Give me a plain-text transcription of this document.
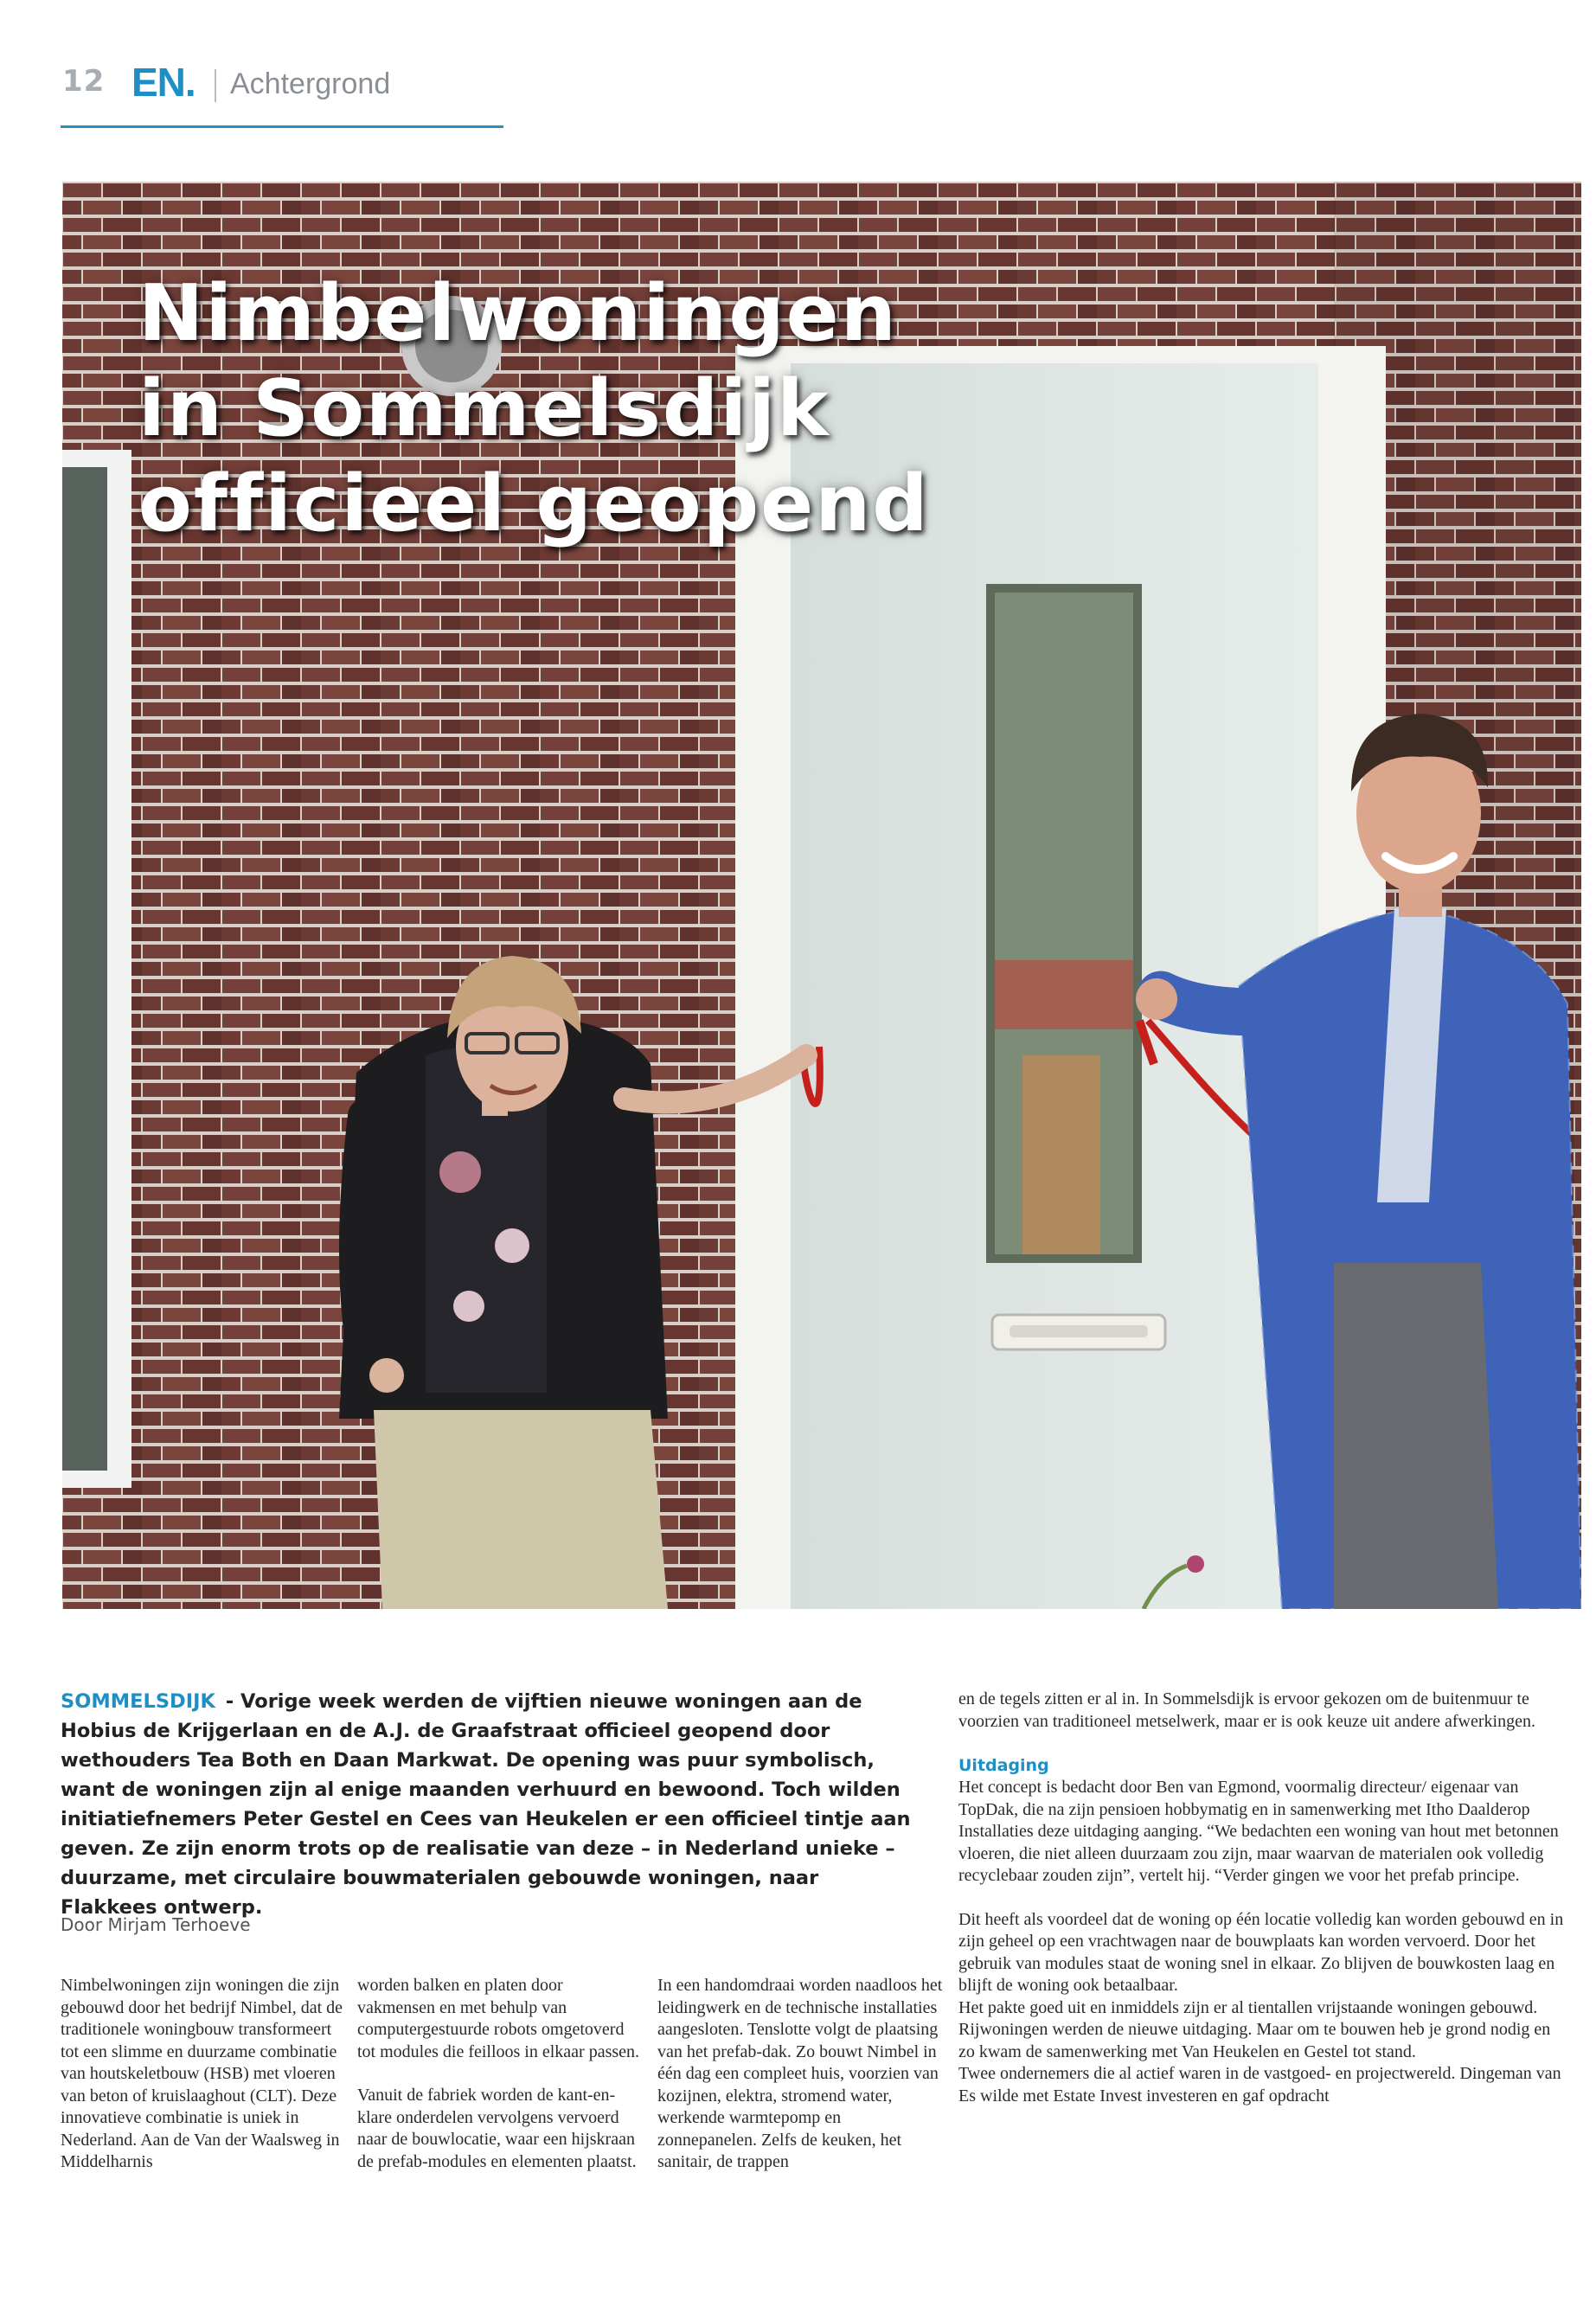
12 EN. Achtergrond
Nimbelwoningen
in Sommelsdijk
officieel geopend

SOMMELSDIJK - Vorige week werden de vijftien nieuwe woningen aan de Hobius de Krijgerlaan en de A.J. de Graafstraat officieel geopend door wethouders Tea Both en Daan Markwat. De opening was puur symbolisch, want de woningen zijn al enige maanden verhuurd en bewoond. Toch wilden initiatiefnemers Peter Gestel en Cees van Heukelen er een officieel tintje aan geven. Ze zijn enorm trots op de realisatie van deze – in Nederland unieke – duurzame, met circulaire bouwmaterialen gebouwde woningen, naar Flakkees ontwerp.

Door Mirjam Terhoeve

Nimbelwoningen zijn woningen die zijn gebouwd door het bedrijf Nimbel, dat de traditionele woningbouw transformeert tot een slimme en duurzame combinatie van houtskeletbouw (HSB) met vloeren van beton of kruislaaghout (CLT). Deze innovatieve combinatie is uniek in Nederland. Aan de Van der Waalsweg in Middelharnis

worden balken en platen door vakmensen en met behulp van computergestuurde robots omgetoverd tot modules die feilloos in elkaar passen.

Vanuit de fabriek worden de kant-en-klare onderdelen vervolgens vervoerd naar de bouwlocatie, waar een hijskraan de prefab-modules en elementen plaatst.

In een handomdraai worden naadloos het leidingwerk en de technische installaties aangesloten. Tenslotte volgt de plaatsing van het prefab-dak. Zo bouwt Nimbel in één dag een compleet huis, voorzien van kozijnen, elektra, stromend water, werkende warmtepomp en zonnepanelen. Zelfs de keuken, het sanitair, de trappen

en de tegels zitten er al in. In Sommelsdijk is ervoor gekozen om de buitenmuur te voorzien van traditioneel metselwerk, maar er is ook keuze uit andere afwerkingen.

Uitdaging

Het concept is bedacht door Ben van Egmond, voormalig directeur/ eigenaar van TopDak, die na zijn pensioen hobbymatig en in samenwerking met Itho Daalderop Installaties deze uitdaging aanging. “We bedachten een woning van hout met betonnen vloeren, die niet alleen duurzaam zou zijn, maar waarvan de materialen ook volledig recyclebaar zouden zijn”, vertelt hij. “Verder gingen we voor het prefab principe.

Dit heeft als voordeel dat de woning op één locatie volledig kan worden gebouwd en in zijn geheel op een vrachtwagen naar de bouwplaats kan worden vervoerd. Door het gebruik van modules staat de woning snel in elkaar. Zo blijven de bouwkosten laag en blijft de woning ook betaalbaar.

Het pakte goed uit en inmiddels zijn er al tientallen vrijstaande woningen gebouwd. Rijwoningen werden de nieuwe uitdaging. Maar om te bouwen heb je grond nodig en zo kwam de samenwerking met Van Heukelen en Gestel tot stand.

Twee ondernemers die al actief waren in de vastgoed- en projectwereld. Dingeman van Es wilde met Estate Invest investeren en gaf opdracht
